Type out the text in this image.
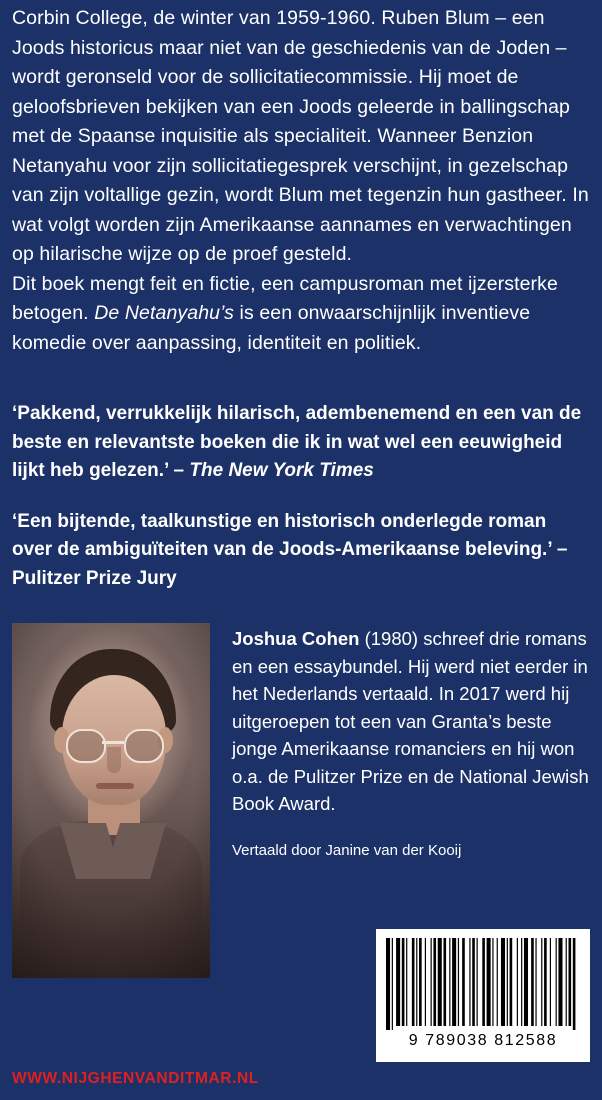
Corbin College, de winter van 1959-1960. Ruben Blum – een Joods historicus maar niet van de geschiedenis van de Joden – wordt geronseld voor de sollicitatiecommissie. Hij moet de geloofsbrieven bekijken van een Joods geleerde in ballingschap met de Spaanse inquisitie als specialiteit. Wanneer Benzion Netanyahu voor zijn sollicitatiegesprek verschijnt, in gezelschap van zijn voltallige gezin, wordt Blum met tegenzin hun gastheer. In wat volgt worden zijn Amerikaanse aannames en verwachtingen op hilarische wijze op de proef gesteld.

Dit boek mengt feit en fictie, een campusroman met ijzersterke betogen. De Netanyahu’s is een onwaarschijnlijk inventieve komedie over aanpassing, identiteit en politiek.

‘Pakkend, verrukkelijk hilarisch, adembenemend en een van de beste en relevantste boeken die ik in wat wel een eeuwigheid lijkt heb gelezen.’ – The New York Times
‘Een bijtende, taalkunstige en historisch onderlegde roman over de ambiguïteiten van de Joods-Amerikaanse beleving.’ – Pulitzer Prize Jury
Joshua Cohen (1980) schreef drie romans en een essaybundel. Hij werd niet eerder in het Nederlands vertaald. In 2017 werd hij uitgeroepen tot een van Granta’s beste jonge Amerikaanse romanciers en hij won o.a. de Pulitzer Prize en de National Jewish Book Award.
Vertaald door Janine van der Kooij
9 789038 812588
WWW.NIJGHENVANDITMAR.NL
